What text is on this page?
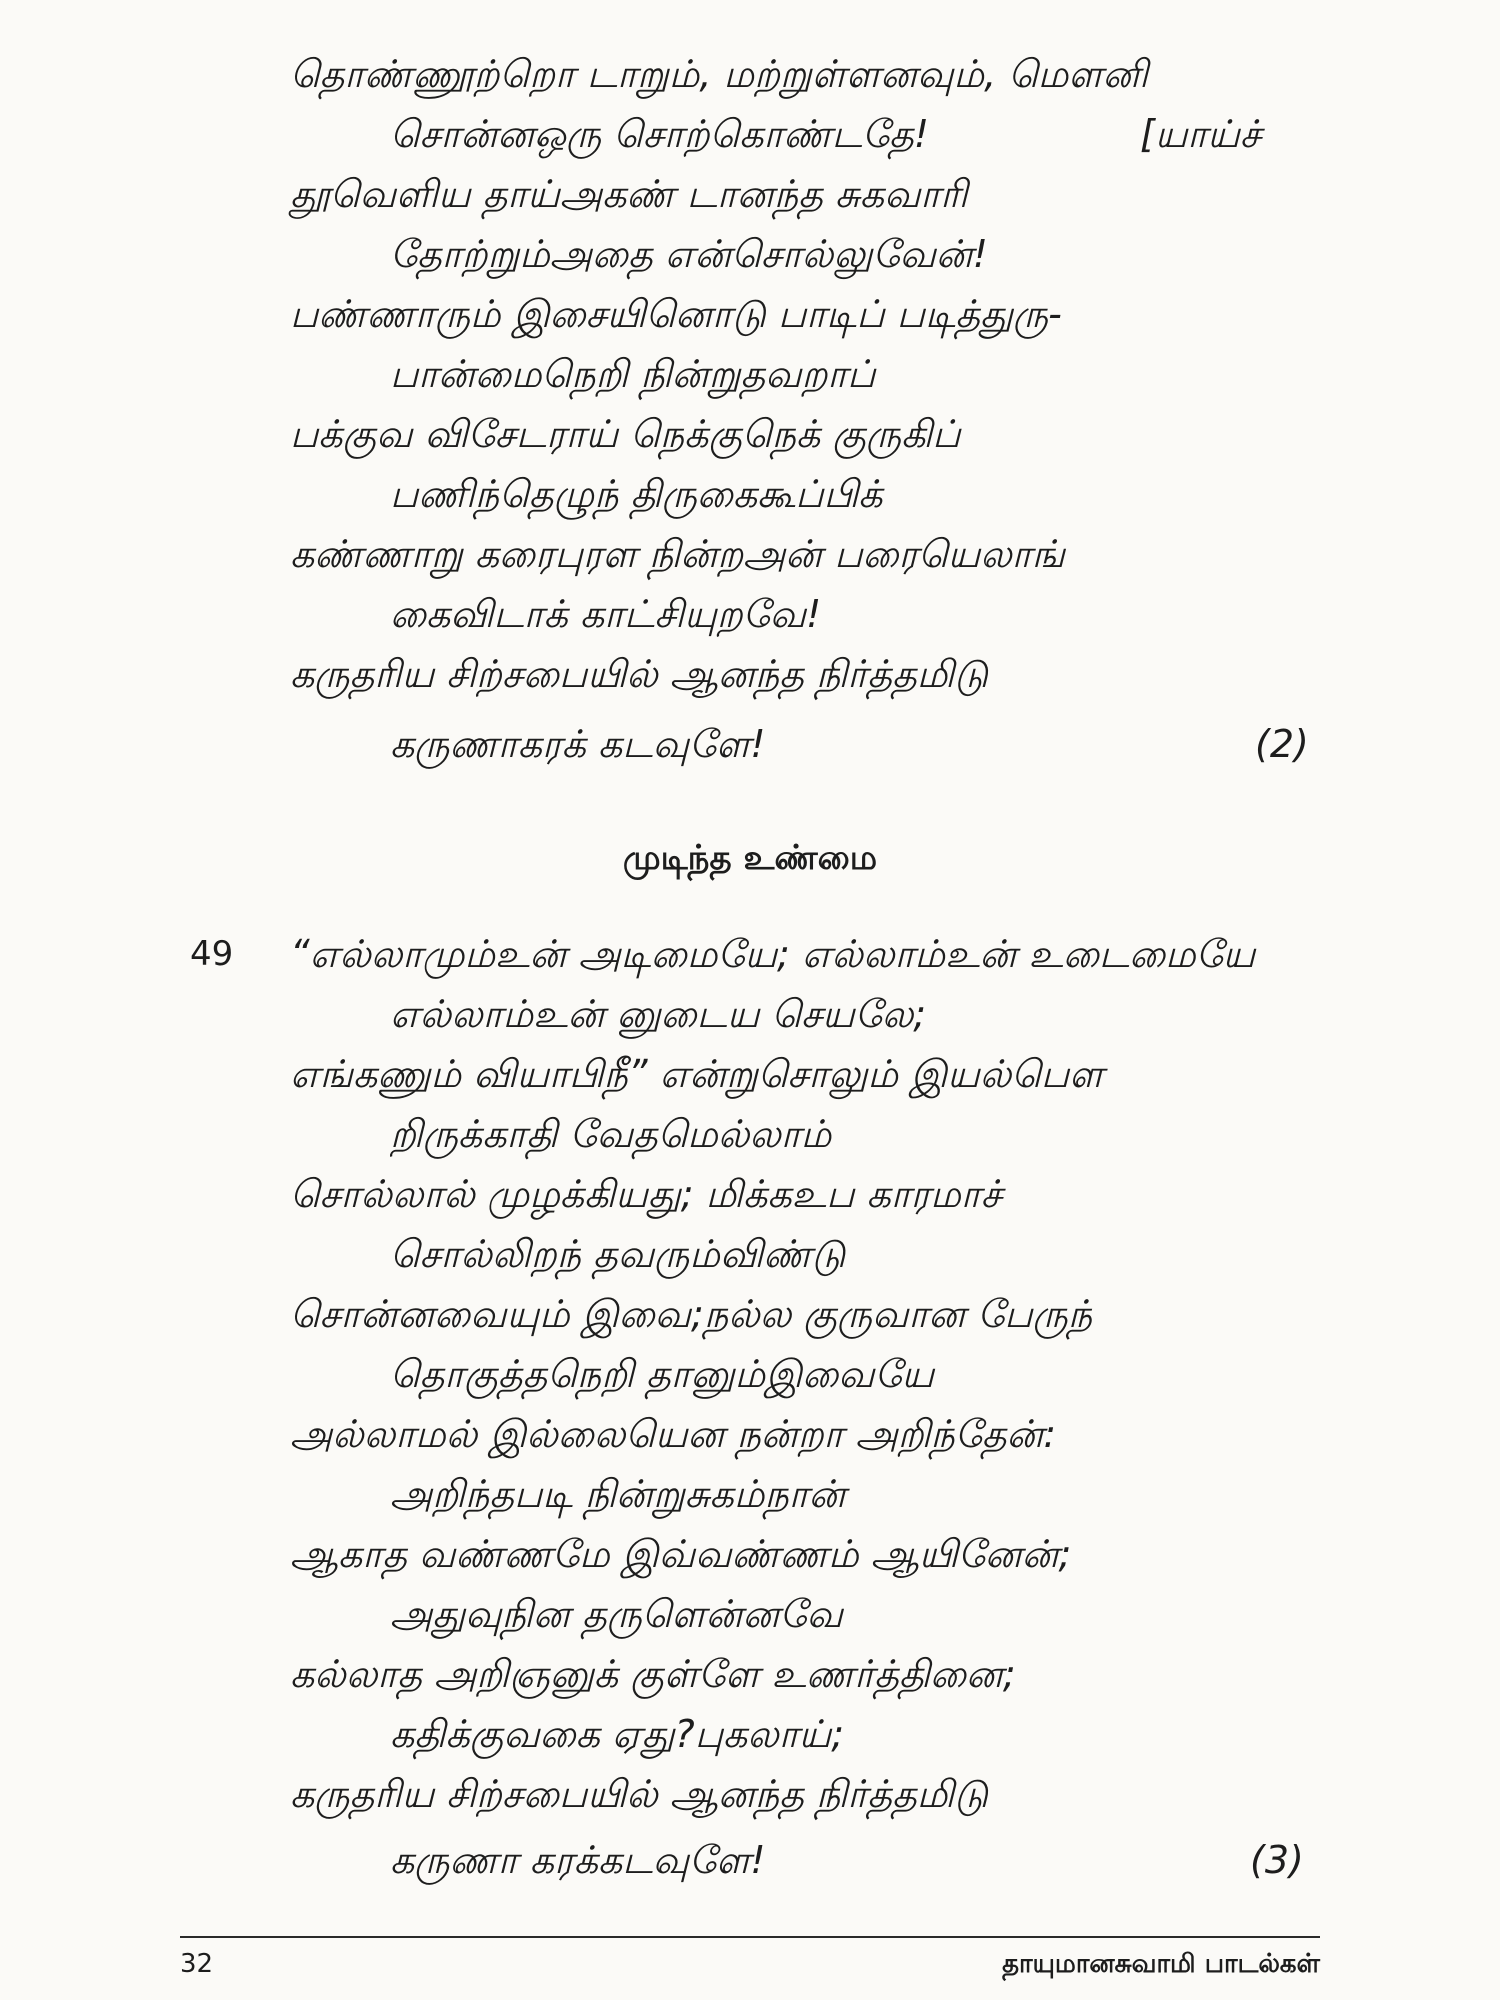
தொண்ணூற்றொ டாறும், மற்றுள்ளனவும், மௌனி
சொன்னஒரு சொற்கொண்டதே!	[யாய்ச்
தூவெளிய தாய்அகண் டானந்த சுகவாரி
தோற்றும்அதை என்சொல்லுவேன்!
பண்ணாரும் இசையினொடு பாடிப் படித்துரு-
பான்மைநெறி நின்றுதவறாப்
பக்குவ விசேடராய் நெக்குநெக் குருகிப்
பணிந்தெழுந் திருகைகூப்பிக்
கண்ணாறு கரைபுரள நின்றஅன் பரையெலாங்
கைவிடாக் காட்சியுறவே!
கருதரிய சிற்சபையில் ஆனந்த நிர்த்தமிடு
கருணாகரக் கடவுளே!	(2)
முடிந்த உண்மை
49 “எல்லாமும்உன் அடிமையே; எல்லாம்உன் உடைமையே
எல்லாம்உன் னுடைய செயலே;
எங்கணும் வியாபிநீ” என்றுசொலும் இயல்பெள
றிருக்காதி வேதமெல்லாம்
சொல்லால் முழக்கியது; மிக்கஉப காரமாச்
சொல்லிறந் தவரும்விண்டு
சொன்னவையும் இவை;நல்ல குருவான பேருந்
தொகுத்தநெறி தானும்இவையே
அல்லாமல் இல்லையென நன்றா அறிந்தேன்:
அறிந்தபடி நின்றுசுகம்நான்
ஆகாத வண்ணமே இவ்வண்ணம் ஆயினேன்;
அதுவுநின தருளென்னவே
கல்லாத அறிஞனுக் குள்ளே உணர்த்தினை;
கதிக்குவகை ஏது?புகலாய்;
கருதரிய சிற்சபையில் ஆனந்த நிர்த்தமிடு
கருணா கரக்கடவுளே!	(3)
32	தாயுமானசுவாமி பாடல்கள்
